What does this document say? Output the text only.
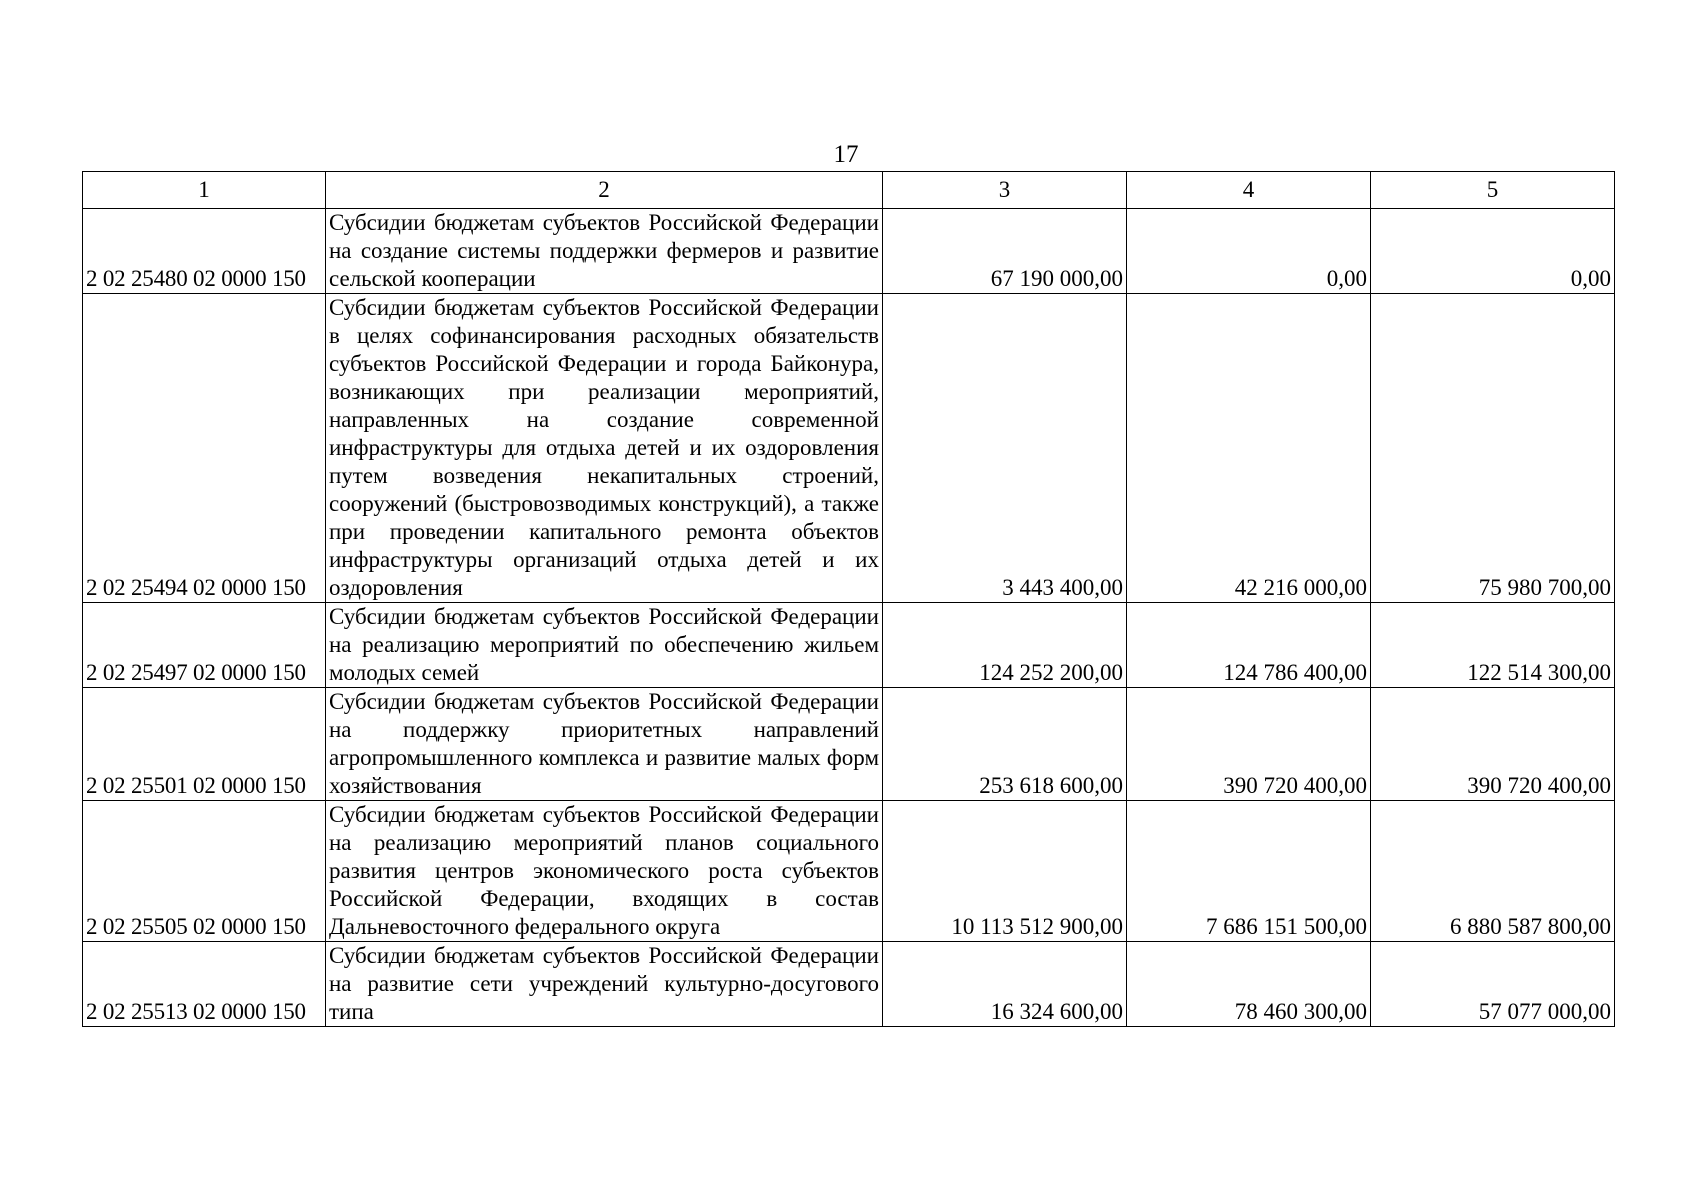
17
1	2	3	4	5
2 02 25480 02 0000 150	Субсидии бюджетам субъектов Российской Федерации на создание системы поддержки фермеров и развитие сельской кооперации	67 190 000,00	0,00	0,00
2 02 25494 02 0000 150	Субсидии бюджетам субъектов Российской Федерации в целях софинансирования расходных обязательств субъектов Российской Федерации и города Байконура, возникающих при реализации мероприятий, направленных на создание современной инфраструктуры для отдыха детей и их оздоровления путем возведения некапитальных строений, сооружений (быстровозводимых конструкций), а также при проведении капитального ремонта объектов инфраструктуры организаций отдыха детей и их оздоровления	3 443 400,00	42 216 000,00	75 980 700,00
2 02 25497 02 0000 150	Субсидии бюджетам субъектов Российской Федерации на реализацию мероприятий по обеспечению жильем молодых семей	124 252 200,00	124 786 400,00	122 514 300,00
2 02 25501 02 0000 150	Субсидии бюджетам субъектов Российской Федерации на поддержку приоритетных направлений агропромышленного комплекса и развитие малых форм хозяйствования	253 618 600,00	390 720 400,00	390 720 400,00
2 02 25505 02 0000 150	Субсидии бюджетам субъектов Российской Федерации на реализацию мероприятий планов социального развития центров экономического роста субъектов Российской Федерации, входящих в состав Дальневосточного федерального округа	10 113 512 900,00	7 686 151 500,00	6 880 587 800,00
2 02 25513 02 0000 150	Субсидии бюджетам субъектов Российской Федерации на развитие сети учреждений культурно-досугового типа	16 324 600,00	78 460 300,00	57 077 000,00
